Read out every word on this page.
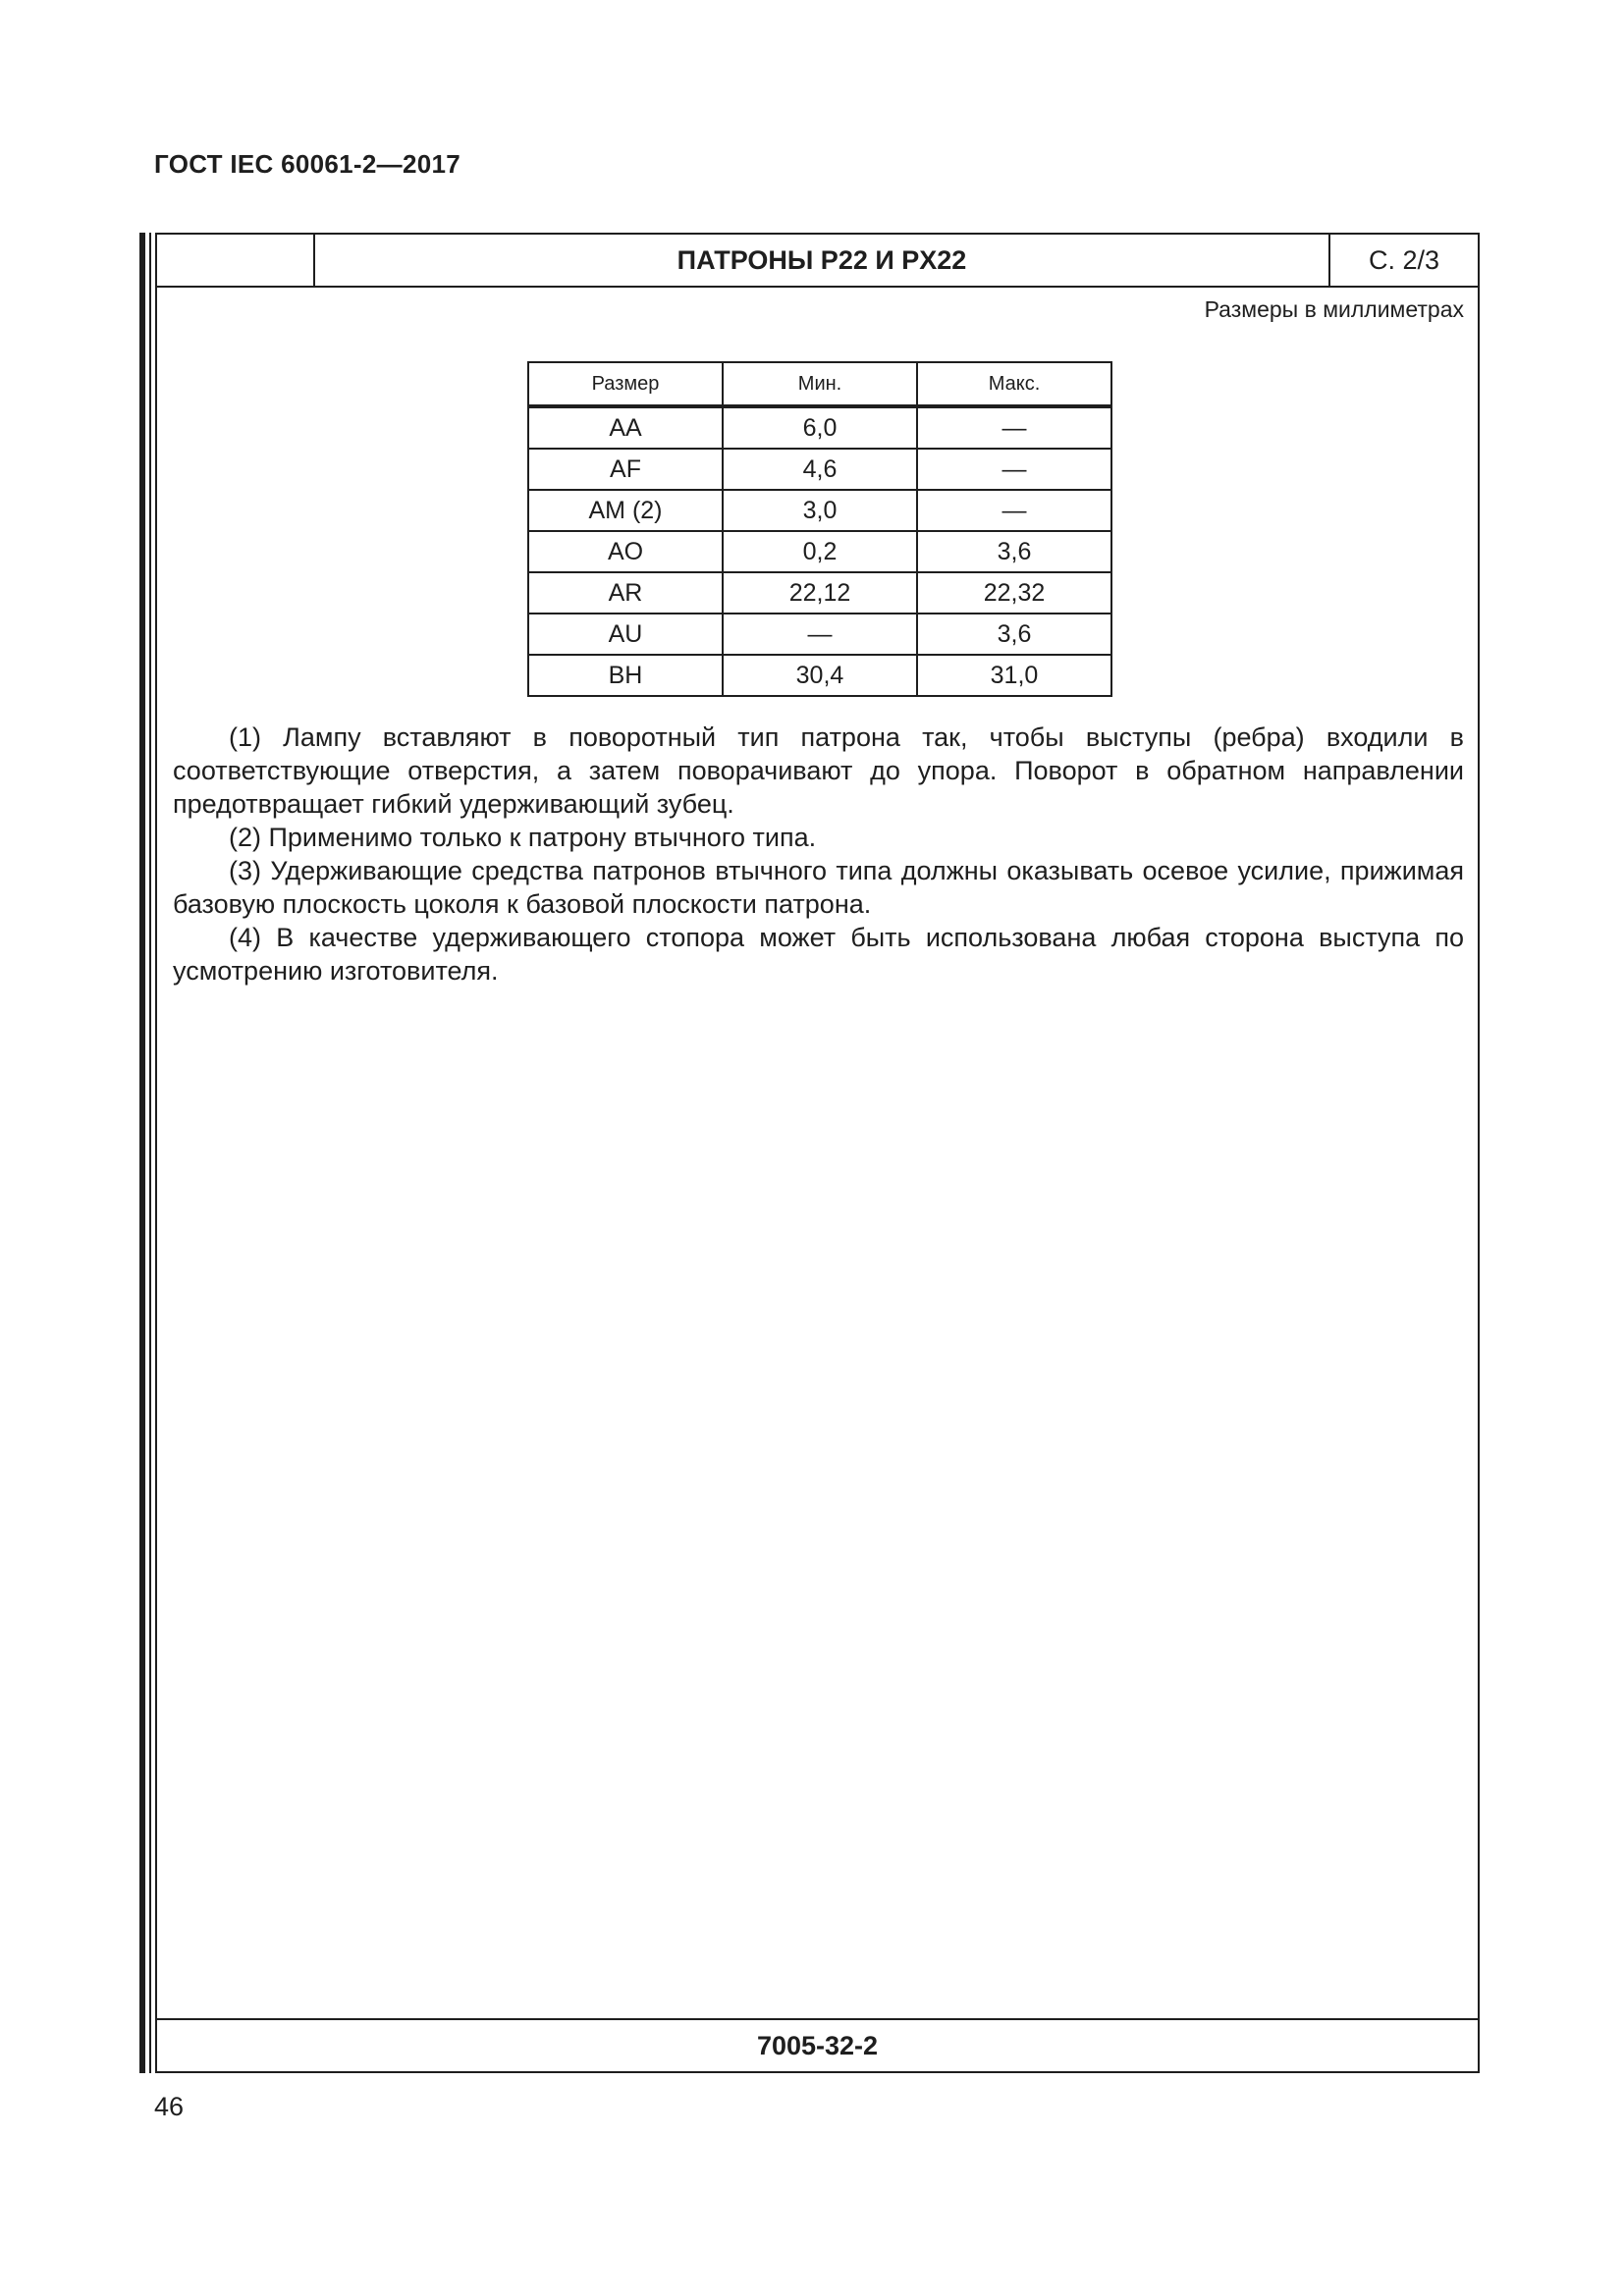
ГОСТ IEC 60061-2—2017
ПАТРОНЫ P22 И PX22	С. 2/3
Размеры в миллиметрах
Размер	Мин.	Макс.
AA	6,0	—
AF	4,6	—
AM (2)	3,0	—
AO	0,2	3,6
AR	22,12	22,32
AU	—	3,6
BH	30,4	31,0

(1) Лампу вставляют в поворотный тип патрона так, чтобы выступы (ребра) входили в соответствующие отверстия, а затем поворачивают до упора. Поворот в обратном направлении предотвращает гибкий удерживающий зубец.

(2) Применимо только к патрону втычного типа.

(3) Удерживающие средства патронов втычного типа должны оказывать осевое усилие, прижимая базовую плоскость цоколя к базовой плоскости патрона.

(4) В качестве удерживающего стопора может быть использована любая сторона выступа по усмотрению изготовителя.

7005-32-2
46
